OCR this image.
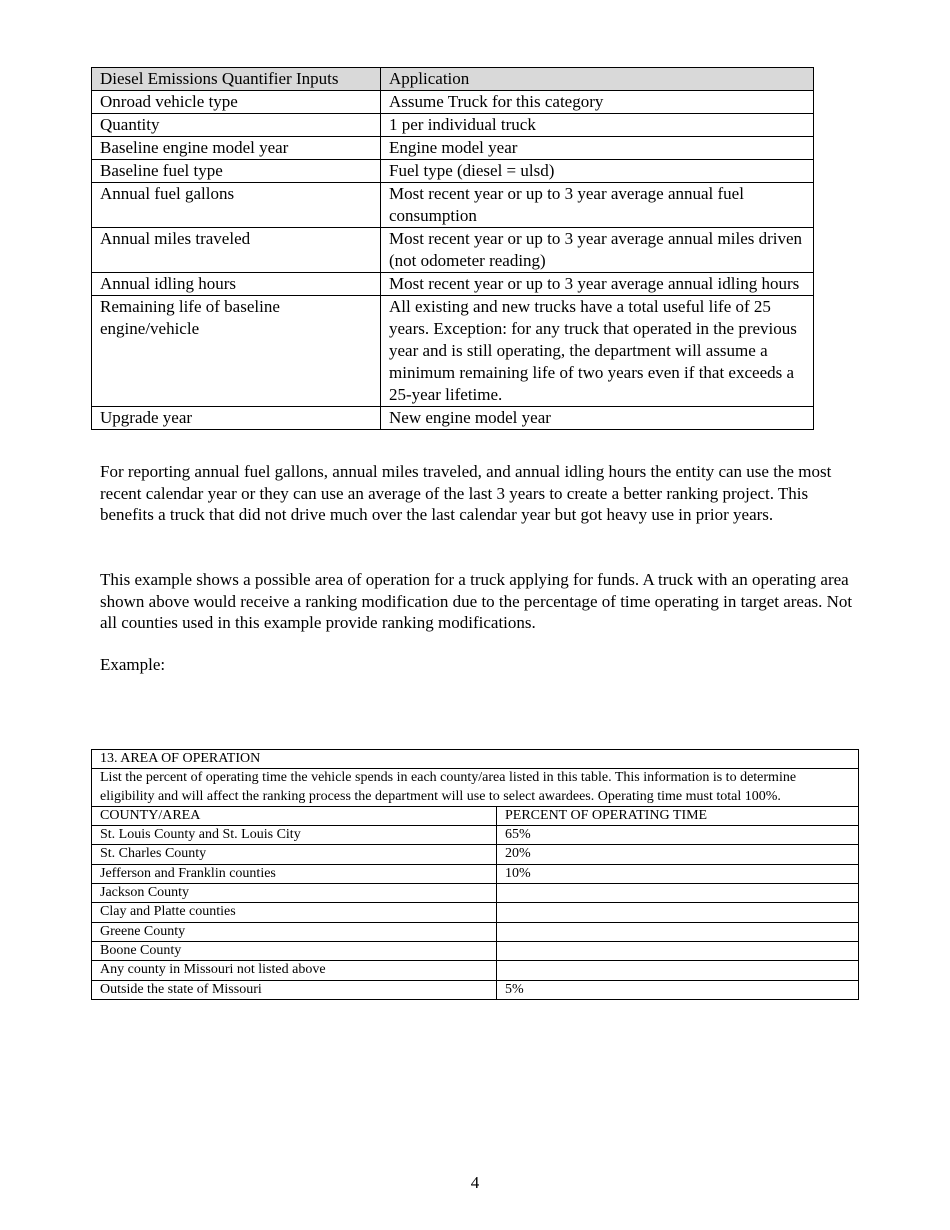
Diesel Emissions Quantifier Inputs	Application
Onroad vehicle type	Assume Truck for this category
Quantity	1 per individual truck
Baseline engine model year	Engine model year
Baseline fuel type	Fuel type (diesel = ulsd)
Annual fuel gallons	Most recent year or up to 3 year average annual fuel consumption
Annual miles traveled	Most recent year or up to 3 year average annual miles driven (not odometer reading)
Annual idling hours	Most recent year or up to 3 year average annual idling hours
Remaining life of baseline engine/vehicle	All existing and new trucks have a total useful life of 25 years. Exception: for any truck that operated in the previous year and is still operating, the department will assume a minimum remaining life of two years even if that exceeds a 25-year lifetime.
Upgrade year	New engine model year

For reporting annual fuel gallons, annual miles traveled, and annual idling hours the entity can use the most recent calendar year or they can use an average of the last 3 years to create a better ranking project. This benefits a truck that did not drive much over the last calendar year but got heavy use in prior years.

This example shows a possible area of operation for a truck applying for funds. A truck with an operating area shown above would receive a ranking modification due to the percentage of time operating in target areas. Not all counties used in this example provide ranking modifications.

Example:

13. AREA OF OPERATION	
List the percent of operating time the vehicle spends in each county/area listed in this table. This information is to determine eligibility and will affect the ranking process the department will use to select awardees. Operating time must total 100%.	
COUNTY/AREA	PERCENT OF OPERATING TIME
St. Louis County and St. Louis City	65%
St. Charles County	20%
Jefferson and Franklin counties	10%
Jackson County	
Clay and Platte counties	
Greene County	
Boone County	
Any county in Missouri not listed above	
Outside the state of Missouri	5%
4
